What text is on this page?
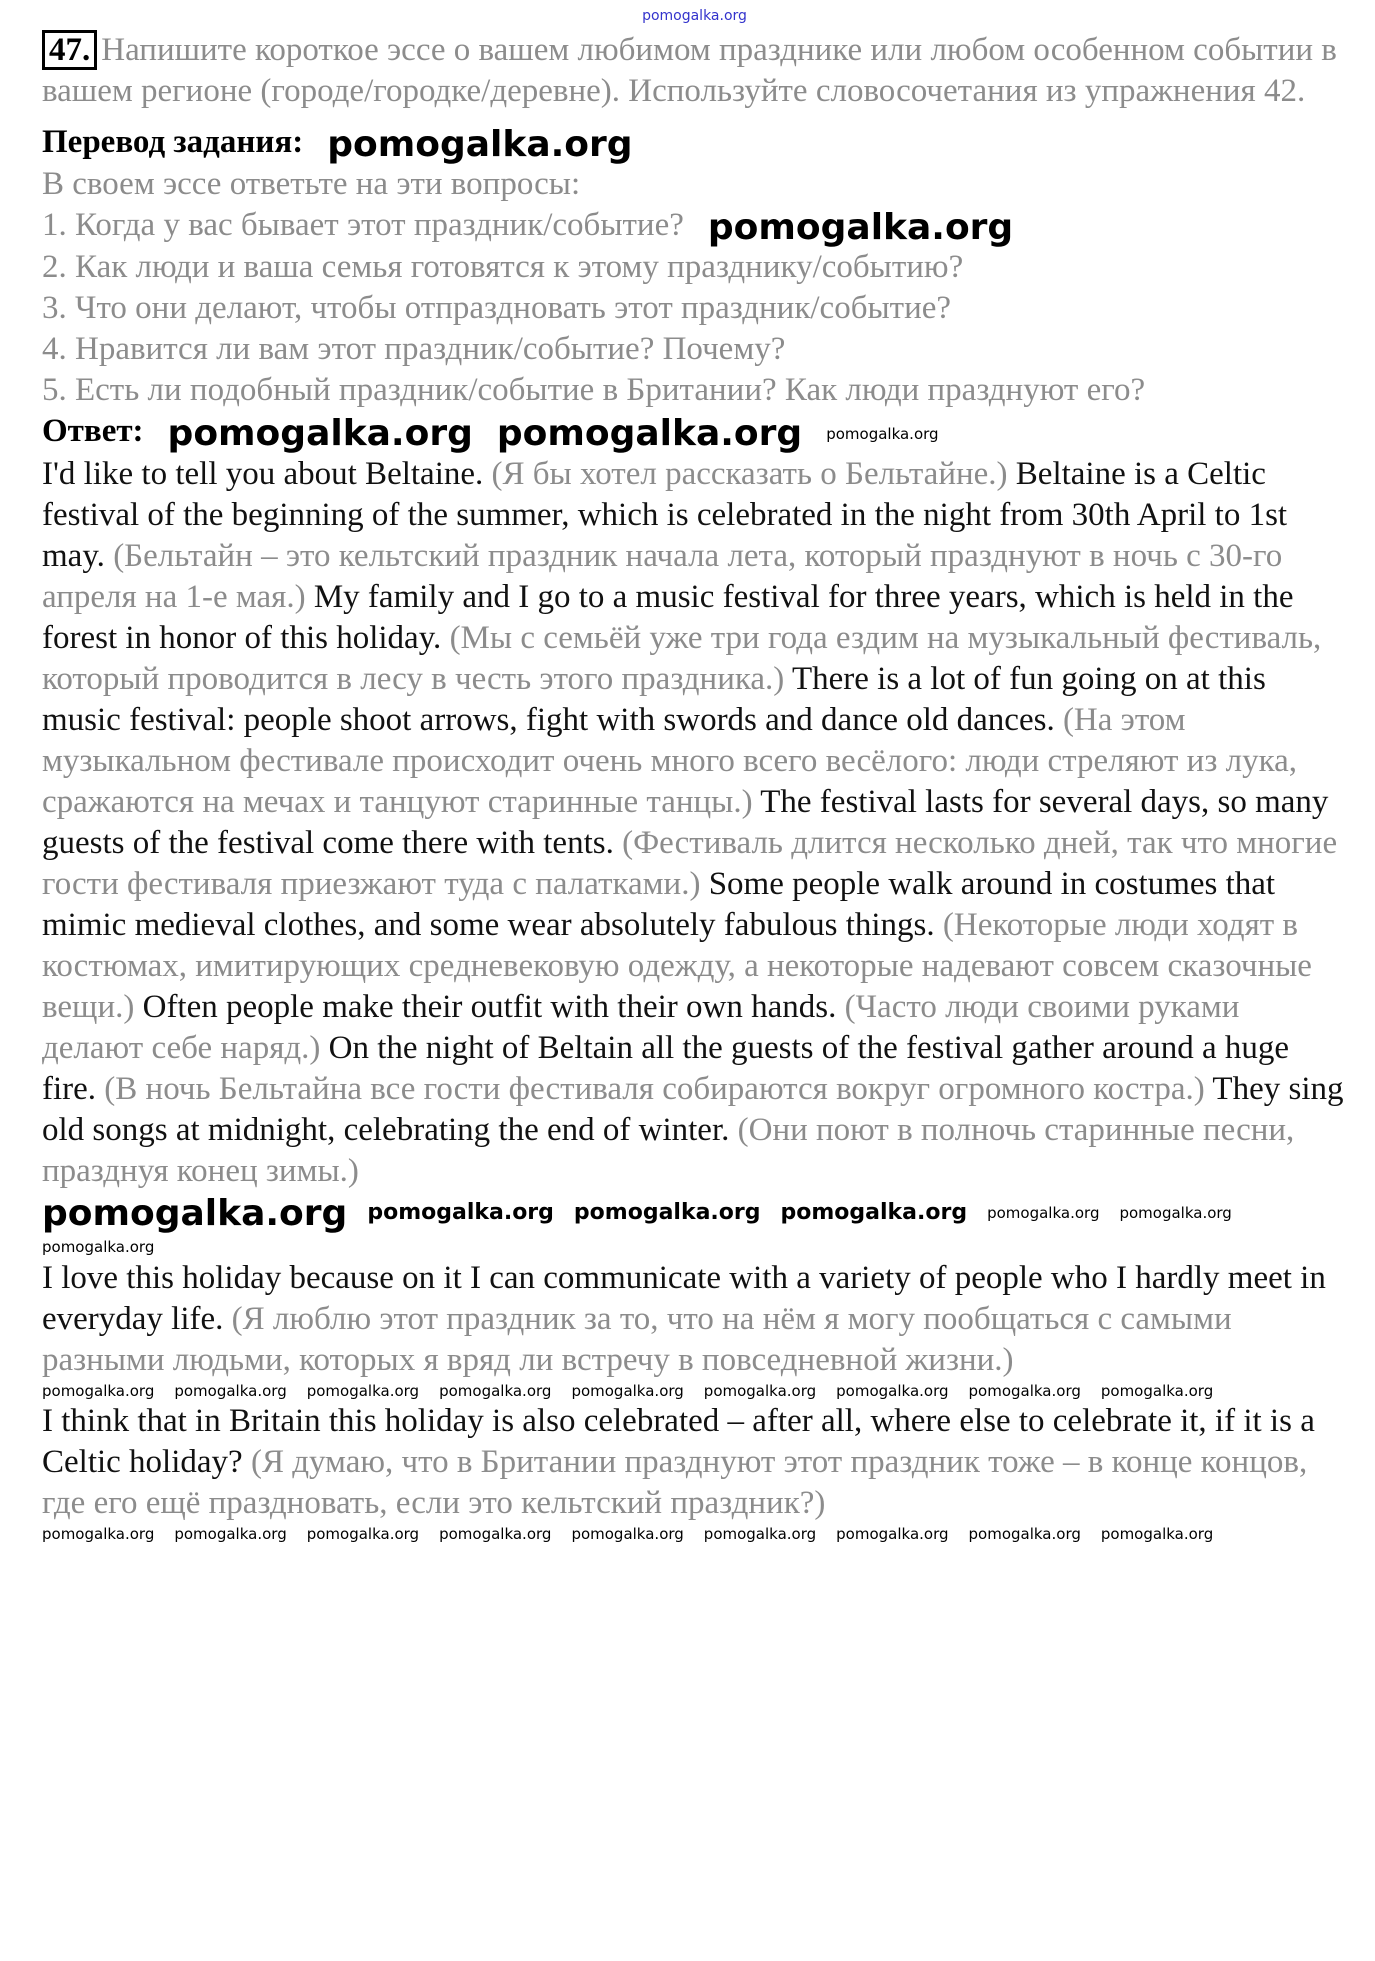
pomogalka.org

47. Напишите короткое эссе о вашем любимом празднике или любом особенном событии в вашем регионе (городе/городке/деревне). Используйте словосочетания из упражнения 42.

Перевод задания: pomogalka.org
В своем эссе ответьте на эти вопросы:
1. Когда у вас бывает этот праздник/событие? pomogalka.org
2. Как люди и ваша семья готовятся к этому празднику/событию?
3. Что они делают, чтобы отпраздновать этот праздник/событие?
4. Нравится ли вам этот праздник/событие? Почему?
5. Есть ли подобный праздник/событие в Британии? Как люди празднуют его?
Ответ: pomogalka.org pomogalka.org pomogalka.org

I'd like to tell you about Beltaine. (Я бы хотел рассказать о Бельтайне.) Beltaine is a Celtic festival of the beginning of the summer, which is celebrated in the night from 30th April to 1st may. (Бельтайн – это кельтский праздник начала лета, который празднуют в ночь с 30-го апреля на 1-е мая.) My family and I go to a music festival for three years, which is held in the forest in honor of this holiday. (Мы с семьёй уже три года ездим на музыкальный фестиваль, который проводится в лесу в честь этого праздника.) There is a lot of fun going on at this music festival: people shoot arrows, fight with swords and dance old dances. (На этом музыкальном фестивале происходит очень много всего весёлого: люди стреляют из лука, сражаются на мечах и танцуют старинные танцы.) The festival lasts for several days, so many guests of the festival come there with tents. (Фестиваль длится несколько дней, так что многие гости фестиваля приезжают туда с палатками.) Some people walk around in costumes that mimic medieval clothes, and some wear absolutely fabulous things. (Некоторые люди ходят в костюмах, имитирующих средневековую одежду, а некоторые надевают совсем сказочные вещи.) Often people make their outfit with their own hands. (Часто люди своими руками делают себе наряд.) On the night of Beltain all the guests of the festival gather around a huge fire. (В ночь Бельтайна все гости фестиваля собираются вокруг огромного костра.) They sing old songs at midnight, celebrating the end of winter. (Они поют в полночь старинные песни, празднуя конец зимы.)

pomogalka.org pomogalka.org pomogalka.org pomogalka.org pomogalka.org pomogalka.org
pomogalka.org

I love this holiday because on it I can communicate with a variety of people who I hardly meet in everyday life. (Я люблю этот праздник за то, что на нём я могу пообщаться с самыми разными людьми, которых я вряд ли встречу в повседневной жизни.)

pomogalka.org pomogalka.org pomogalka.org pomogalka.org pomogalka.org pomogalka.org pomogalka.org pomogalka.org pomogalka.org

I think that in Britain this holiday is also celebrated – after all, where else to celebrate it, if it is a Celtic holiday? (Я думаю, что в Британии празднуют этот праздник тоже – в конце концов, где его ещё праздновать, если это кельтский праздник?)

pomogalka.org pomogalka.org pomogalka.org pomogalka.org pomogalka.org pomogalka.org pomogalka.org pomogalka.org pomogalka.org
